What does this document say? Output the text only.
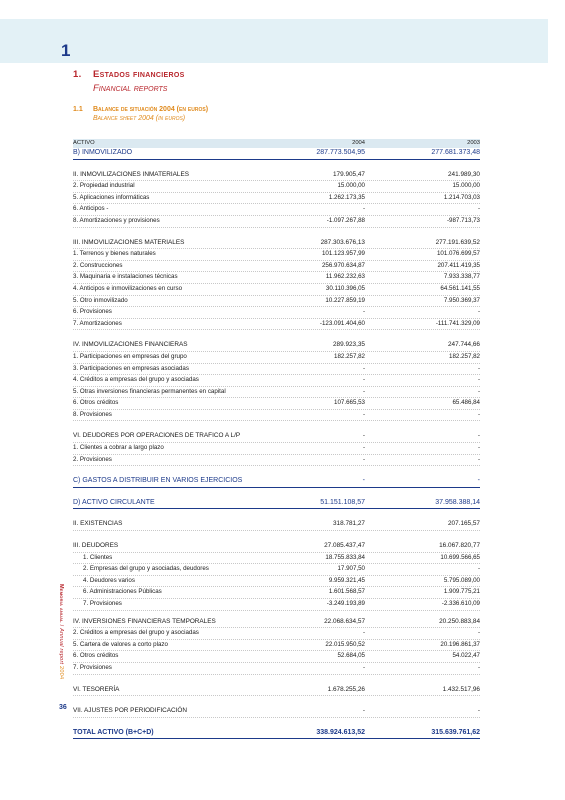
1
1. Estados financieros
Financial reports
1.1 Balance de situación 2004 (en euros)
Balance sheet 2004 (in euros)
ACTIVO	2004	2003
B) INMOVILIZADO	287.773.504,95	277.681.373,48
II. INMOVILIZACIONES INMATERIALES	179.905,47	241.989,30
2. Propiedad industrial	15.000,00	15.000,00
5. Aplicaciones informáticas	1.262.173,35	1.214.703,03
6. Anticipos -	-	-
8. Amortizaciones y provisiones	-1.097.267,88	-987.713,73
III. INMOVILIZACIONES MATERIALES	287.303.676,13	277.191.639,52
1. Terrenos y bienes naturales	101.123.957,99	101.076.699,57
2. Construcciones	256.970.634,87	207.411.419,35
3. Maquinaria e instalaciones técnicas	11.962.232,63	7.933.338,77
4. Anticipos e inmovilizaciones en curso	30.110.396,05	64.561.141,55
5. Otro inmovilizado	10.227.859,19	7.950.369,37
6. Provisiones	-	-
7. Amortizaciones	-123.091.404,60	-111.741.329,09
IV. INMOVILIZACIONES FINANCIERAS	289.923,35	247.744,66
1. Participaciones en empresas del grupo	182.257,82	182.257,82
3. Participaciones en empresas asociadas	-	-
4. Créditos a empresas del grupo y asociadas	-	-
5. Otras inversiones financieras permanentes en capital	-	-
6. Otros créditos	107.665,53	65.486,84
8. Provisiones	-	-
VI. DEUDORES POR OPERACIONES DE TRAFICO A L/P	-	-
1. Clientes a cobrar a largo plazo	-	-
2. Provisiones	-	-
C) GASTOS A DISTRIBUIR EN VARIOS EJERCICIOS	-	-
D) ACTIVO CIRCULANTE	51.151.108,57	37.958.388,14
II. EXISTENCIAS	318.781,27	207.165,57
III. DEUDORES	27.085.437,47	16.067.820,77
1. Clientes	18.755.833,84	10.699.566,65
2. Empresas del grupo y asociadas, deudores	17.907,50	-
4. Deudores varios	9.959.321,45	5.795.089,00
6. Administraciones Públicas	1.601.568,57	1.909.775,21
7. Provisiones	-3.249.193,89	-2.336.610,09
IV. INVERSIONES FINANCIERAS TEMPORALES	22.068.634,57	20.250.883,84
2. Créditos a empresas del grupo y asociadas	-	-
5. Cartera de valores a corto plazo	22.015.950,52	20.196.861,37
6. Otros créditos	52.684,05	54.022,47
7. Provisiones	-	-
VI. TESORERÍA	1.678.255,26	1.432.517,96
VII. AJUSTES POR PERIODIFICACIÓN	-	-
TOTAL ACTIVO (B+C+D)	338.924.613,52	315.639.761,62
Memoria anual / Annual report 2004
36
